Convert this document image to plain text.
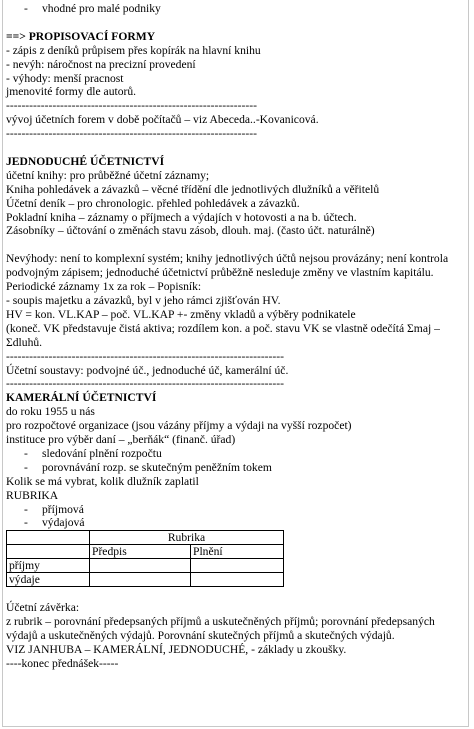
- vhodné pro malé podniky
==> PROPISOVACÍ FORMY
- zápis z deníků průpisem přes kopírák na hlavní knihu
- nevýh: náročnost na precizní provedení
- výhody: menší pracnost
jmenovité formy dle autorů.
-----------------------------------------------------------------
vývoj účetních forem v době počítačů – viz Abeceda..-Kovanicová.
-----------------------------------------------------------------
JEDNODUCHÉ ÚČETNICTVÍ
účetní knihy: pro průběžné účetní záznamy;
Kniha pohledávek a závazků – věcné třídění dle jednotlivých dlužníků a věřitelů
Účetní deník – pro chronologic. přehled pohledávek a závazků.
Pokladní kniha – záznamy o příjmech a výdajích v hotovosti a na b. účtech.
Zásobníky – účtování o změnách stavu zásob, dlouh. maj. (často účt. naturálně)
Nevýhody: není to komplexní systém; knihy jednotlivých účtů nejsou provázány; není kontrola podvojným zápisem; jednoduché účetnictví průběžně nesleduje změny ve vlastním kapitálu.
Periodické záznamy 1x za rok – Popisník:
- soupis majetku a závazků, byl v jeho rámci zjišťován HV.
HV = kon. VL.KAP – poč. VL.KAP +- změny vkladů a výběry podnikatele
(koneč. VK představuje čistá aktiva; rozdílem kon. a poč. stavu VK se vlastně odečítá Σmaj – Σdluhů.
------------------------------------------------------------------------
Účetní soustavy: podvojné úč., jednoduché úč, kamerální úč.
------------------------------------------------------------------------
KAMERÁLNÍ ÚČETNICTVÍ
do roku 1955 u nás
pro rozpočtové organizace (jsou vázány příjmy a výdaji na vyšší rozpočet)
instituce pro výběr daní – „berňák“ (finanč. úřad)
- sledování plnění rozpočtu
- porovnávání rozp. se skutečným peněžním tokem
Kolik se má vybrat, kolik dlužník zaplatil
RUBRIKA
- příjmová
- výdajová
	Rubrika	
	Předpis	Plnění
příjmy		
výdaje		
Účetní závěrka:
z rubrik – porovnání předepsaných příjmů a uskutečněných příjmů; porovnání předepsaných výdajů a uskutečněných výdajů. Porovnání skutečných příjmů a skutečných výdajů.
VIZ JANHUBA – KAMERÁLNÍ, JEDNODUCHÉ, - základy u zkoušky.
----konec přednášek-----
